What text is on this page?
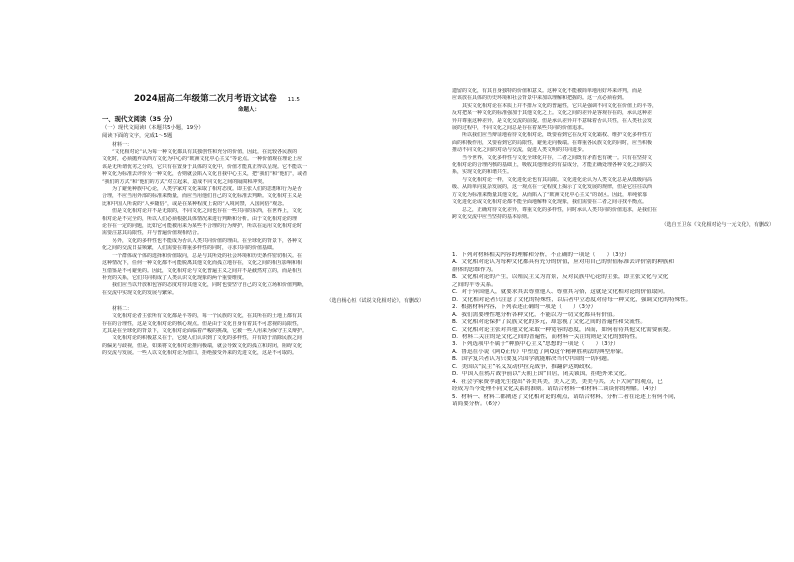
2024届高二年级第二次月考语文试卷 11.5
命题人：
一、现代文阅读（35 分）
（一）现代文阅读Ⅰ（本题共5小题，19分）
阅读下面的文字，完成1～5题
材料一：
“文化相对论”认为每一种文化都具有其独创性和充分的价值，因此，在比较各民族的
文化时，必须抛弃以西方文化为中心的“欧洲文化中心主义”等论点。一种价值观在理论上应
该是无所谓优劣之分的，它只有在置身于具体的文化中，价值才能真正得以呈现。它不能以一
种文化为标准去评价另一种文化，否则就会陷入文化自我中心主义，把“我们”和“他们”，或者
“我们的方式”和“他们的方式”对立起来，造成不同文化之间的隔阂和冲突。
为了避免种族中心论，人类学家对文化采取了相对态度。即主张人们的思想和行为是否
合理，不应当用外部的标准来衡量，而应当用他们自己的文化标准去判断。文化相对主义是
比和中国人所说的“人乡随俗”，或是在某种程度上说的“入境问禁，入国问俗”观念。
但是文化相对论并不是无限的，不同文化之间也存在一些共同的东西，在世界上，文化
相对论是不完全的，所以人们必须根据具体情况来进行判断和分析。由于文化相对论的理
论存在一定的问题，比如它可能被用来为某些不合理的行为辩护，所以在运用文化相对论时
需要注意其局限性，并与普遍价值观相结合。
另外，文化的多样性也不能成为否认人类共同价值的理由。在全球化的背景下，各种文
化之间的交流日益频繁，人们需要在尊重多样性的同时，寻求共同的价值基础。
一个群体或个体的选择和价值取向，总是与其所处的社会环境和历史条件密切相关。在
这种情况下，任何一种文化都不可能脱离其他文化而孤立地存在，文化之间的相互影响和相
互借鉴是不可避免的。因此，文化相对论与文化普遍主义之间并不是截然对立的，而是相互
补充的关系，它们共同构成了人类认识文化现象的两个重要维度。
我们应当以开放和包容的态度对待其他文化，同时也要坚守自己的文化立场和价值判断，
在交流中实现文化的发展与繁荣。
（选自杨心恒《试说文化相对论》，有删改）
材料二：
文化相对论者主张所有文化都是平等的，每一个民族的文化，在其所在的土地上都有其
存在的合理性，这是文化相对论的核心观点。但是由于文化自身有着其不可忽视的局限性，
尤其是在全球化的背景下，文化相对论面临着严峻的挑战，它被一些人用来为保守主义辩护。
文化相对论的积极意义在于，它使人们认识到了文化的多样性，并有助于消除民族之间
的偏见与歧视，但是，如果将文化相对论推向极端，就会导致文化的孤立和封闭，阻碍文化
的交流与发展。一些人以文化相对论为借口，拒绝接受外来的先进文化，这是不可取的。
遗留的文化，有其自身独特的价值和意义。这种文化不能被简单地用好坏来评判，而是
应该放在具体的历史环境和社会背景中来加以理解和把握的。这一点必须看到。
其实文化相对论在本质上并不排斥文化的普遍性，它只是强调不同文化在价值上的平等，
反对把某一种文化的标准强加于其他文化之上。文化之间的差异是客观存在的，承认这种差
异并尊重这种差异，是文化交流的前提。但是承认差异并不意味着否认共性，在人类社会发
展的过程中，不同文化之间总是存在着某些共同的价值追求。
所以我们应当辩证地看待文化相对论，既要看到它在反对文化霸权、维护文化多样性方
面的积极作用，又要看到它的局限性，避免走向极端。在尊重各民族文化的同时，应当积极
推动不同文化之间的对话与交流，促进人类文明的共同进步。
当今世界，文化多样性与文化全球化并存，二者之间既有矛盾也有统一。只有在坚持文
化相对论的合理内核的基础上，吸收其他理论的有益成分，才能正确处理各种文化之间的关
系，实现文化的和谐共生。
与文化相对论一样，文化进化论也有其局限。文化进化论认为人类文化总是从低级向高
级、从简单向复杂发展的，这一观点在一定程度上揭示了文化发展的规律，但是它往往以西
方文化为标准来衡量其他文化，从而陷入了“欧洲文化中心主义”的误区。因此，单纯依靠
文化进化论或文化相对论都不能全面地解释文化现象，我们需要在二者之间寻找平衡点。
总之，正确对待文化差异，尊重文化的多样性，同时承认人类共同的价值追求，是我们在
跨文化交流中应当坚持的基本原则。
（选自王卫东《文化相对论与一元文化》，有删改）
1．下列对材料相关内容的理解和分析，不正确的一项是（　　）（3分）
A．文化相对论认为每种文化都具有充分的价值，应对用自己的价值标准去评价别的种族和
群体的思维作为。
B．文化相对论的产生，以殖民主义为背景，反对民族中心论的主张，即主张文化与文化
之间的平等关系。
C．对于异国他人，就要求其去尊重他人、尊重其习俗，这就是文化相对论的价值取向。
D．文化相对论者只注意了文化的特殊性，以后者中立态度对待每一种文化，强调文化的特殊性。
2．根据材料内容，下列表述正确的一项是（　　）（3分）
A．我们需要理性地分析各种文化，不能以为一切文化都具有价值。
B．文化相对论保护了民族文化的多元，却忽视了文化之间的普遍性和交流性。
C．文化相对论主张对其他文化采取一种宽容的态度，因而，如何看待其他文化需要前提。
D．材料二关注的是文化之间的普遍性，而材料一关注的则是文化的独特性。
3．下列选项中不属于“种族中心主义”思想的一项是（　　）（3分）
A．鲁迅在小说《阿Q正传》中塑造了阿Q这个精神胜利法的典型形象。
B．国学复兴者认为只要复兴国学就能解决当代中国的一切问题。
C．美国以“民主”名义发动伊拉克战争，推翻萨达姆政权。
D．中国人在鸦片战争前以“天朝上国”自居，闭关锁国，拒绝外来文化。
4．社会学家费孝通先生提出“各美其美，美人之美，美美与共，天下大同”的观点，已
经成为当今处理不同文化关系的准则。请结合材料一和材料二谈谈你的理解。（4分）
5．材料一、材料二都阐述了文化相对论的观点，请结合材料，分析二者在论述上有何不同，
请简要分析。（6分）
